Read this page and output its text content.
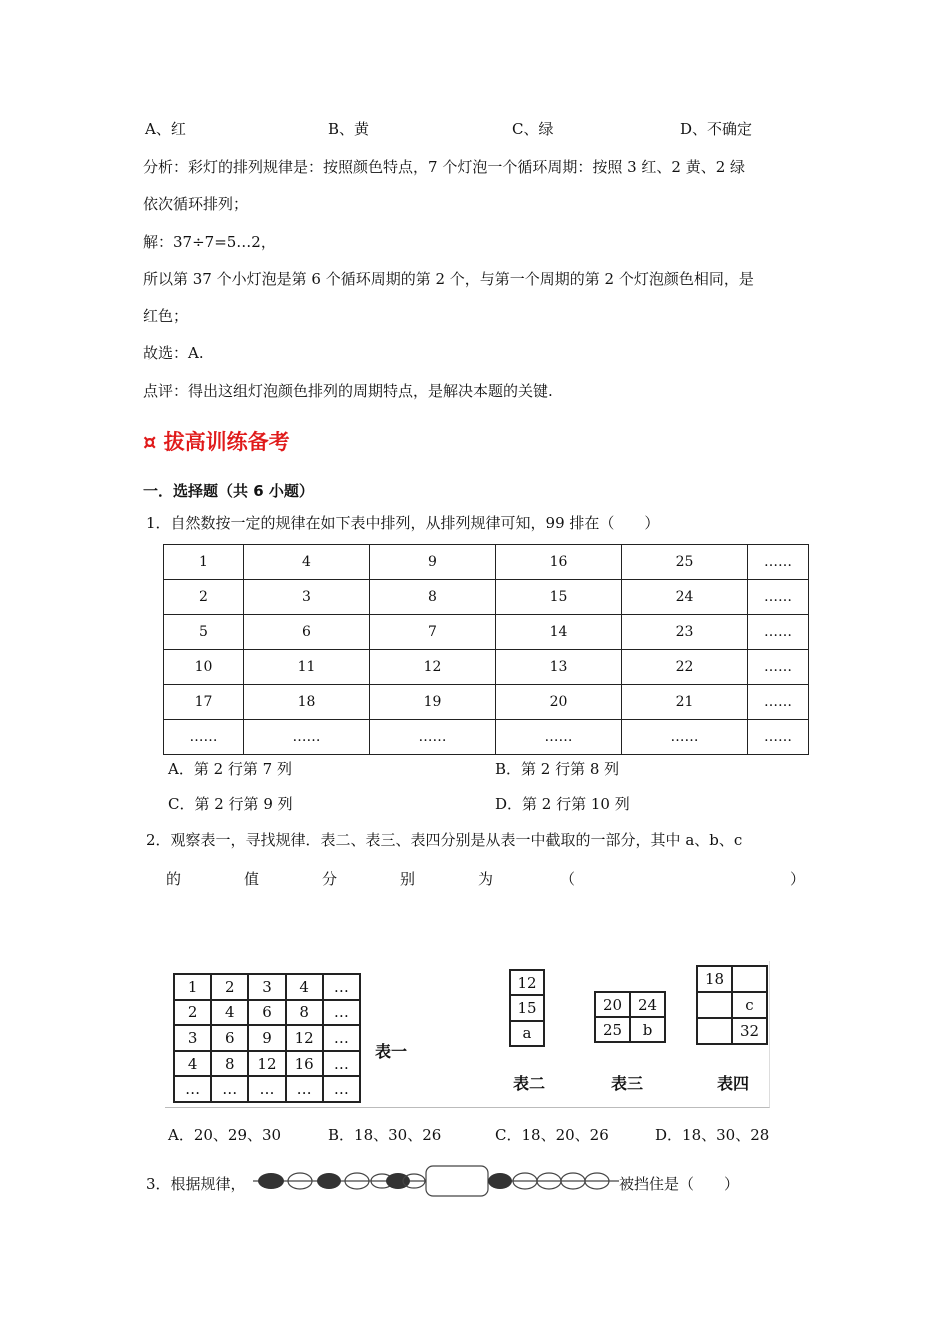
A、红	B、黄	C、绿	D、不确定
分析：彩灯的排列规律是：按照颜色特点，7 个灯泡一个循环周期：按照 3 红、2 黄、2 绿
依次循环排列；
解：37÷7=5…2，
所以第 37 个小灯泡是第 6 个循环周期的第 2 个，与第一个周期的第 2 个灯泡颜色相同，是
红色；
故选：A.
点评：得出这组灯泡颜色排列的周期特点，是解决本题的关键.
¤ 拔高训练备考
一．选择题（共 6 小题）
1．自然数按一定的规律在如下表中排列，从排列规律可知，99 排在（　　）
1	4	9	16	25	……
2	3	8	15	24	……
5	6	7	14	23	……
10	11	12	13	22	……
17	18	19	20	21	……
……	……	……	……	……	……
A．第 2 行第 7 列	B．第 2 行第 8 列
C．第 2 行第 9 列	D．第 2 行第 10 列
2．观察表一，寻找规律．表二、表三、表四分别是从表一中截取的一部分，其中 a、b、c
的	值	分	别	为	（	）
1	2	3	4	…
2	4	6	8	…
3	6	9	12	…
4	8	12	16	…
…	…	…	…	…
表一
12
15
a
表二
20	24
25	b
表三
18	
	c
	32
表四
A．20、29、30	B．18、30、26	C．18、20、26	D．18、30、28
3．根据规律，	被挡住是（　　）
